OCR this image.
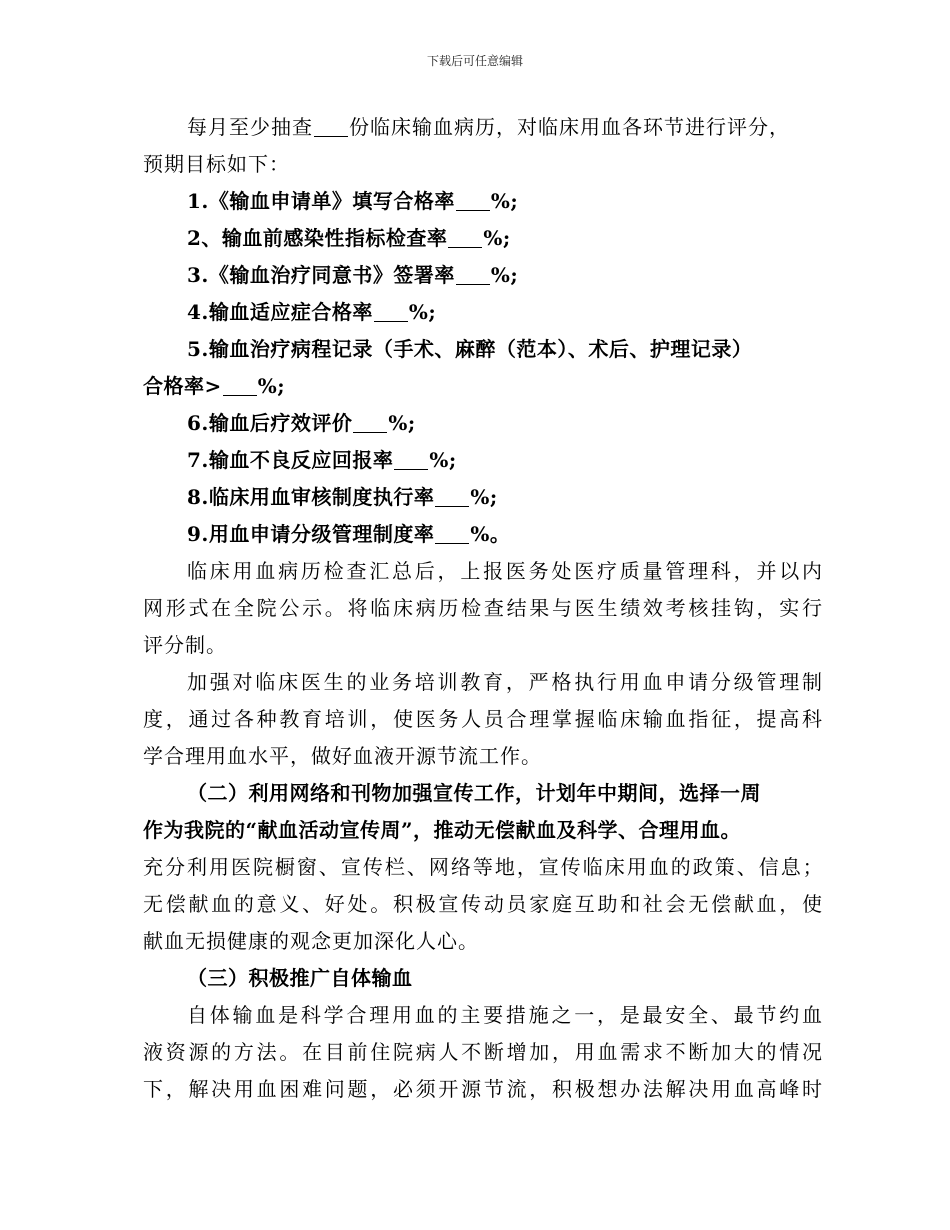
下载后可任意编辑
每月至少抽查 份临床输血病历，对临床用血各环节进行评分，
预期目标如下：
1.《输血申请单》填写合格率 %;
2、输血前感染性指标检查率 %;
3.《输血治疗同意书》签署率 %;
4.输血适应症合格率 %;
5.输血治疗病程记录（手术、麻醉（范本）、术后、护理记录）
合格率> %;
6.输血后疗效评价 %;
7.输血不良反应回报率 %;
8.临床用血审核制度执行率 %;
9.用血申请分级管理制度率 %。
临床用血病历检查汇总后，上报医务处医疗质量管理科，并以内
网形式在全院公示。将临床病历检查结果与医生绩效考核挂钩，实行
评分制。
加强对临床医生的业务培训教育，严格执行用血申请分级管理制
度，通过各种教育培训，使医务人员合理掌握临床输血指征，提高科
学合理用血水平，做好血液开源节流工作。
（二）利用网络和刊物加强宣传工作，计划年中期间，选择一周
作为我院的“献血活动宣传周”，推动无偿献血及科学、合理用血。
充分利用医院橱窗、宣传栏、网络等地，宣传临床用血的政策、信息；
无偿献血的意义、好处。积极宣传动员家庭互助和社会无偿献血，使
献血无损健康的观念更加深化人心。
（三）积极推广自体输血
自体输血是科学合理用血的主要措施之一，是最安全、最节约血
液资源的方法。在目前住院病人不断增加，用血需求不断加大的情况
下，解决用血困难问题，必须开源节流，积极想办法解决用血高峰时
